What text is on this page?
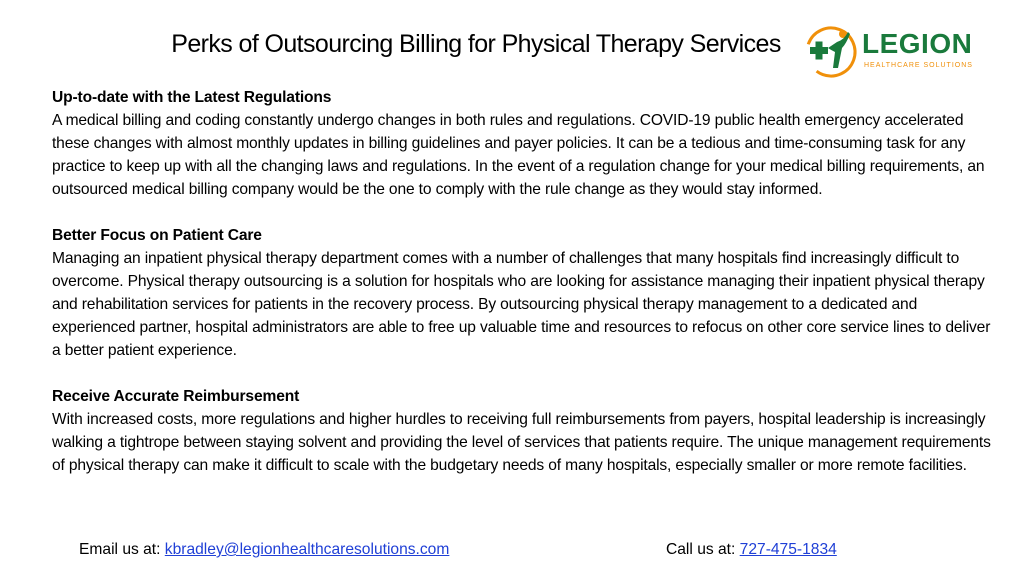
Perks of Outsourcing Billing for Physical Therapy Services	LEGION
HEALTHCARE SOLUTIONS
Up-to-date with the Latest Regulations
A medical billing and coding constantly undergo changes in both rules and regulations. COVID-19 public health emergency accelerated these changes with almost monthly updates in billing guidelines and payer policies. It can be a tedious and time-consuming task for any practice to keep up with all the changing laws and regulations. In the event of a regulation change for your medical billing requirements, an outsourced medical billing company would be the one to comply with the rule change as they would stay informed.
Better Focus on Patient Care
Managing an inpatient physical therapy department comes with a number of challenges that many hospitals find increasingly difficult to overcome. Physical therapy outsourcing is a solution for hospitals who are looking for assistance managing their inpatient physical therapy and rehabilitation services for patients in the recovery process. By outsourcing physical therapy management to a dedicated and experienced partner, hospital administrators are able to free up valuable time and resources to refocus on other core service lines to deliver a better patient experience.
Receive Accurate Reimbursement
With increased costs, more regulations and higher hurdles to receiving full reimbursements from payers, hospital leadership is increasingly walking a tightrope between staying solvent and providing the level of services that patients require. The unique management requirements of physical therapy can make it difficult to scale with the budgetary needs of many hospitals, especially smaller or more remote facilities.
Email us at: kbradley@legionhealthcaresolutions.com	Call us at: 727-475-1834
